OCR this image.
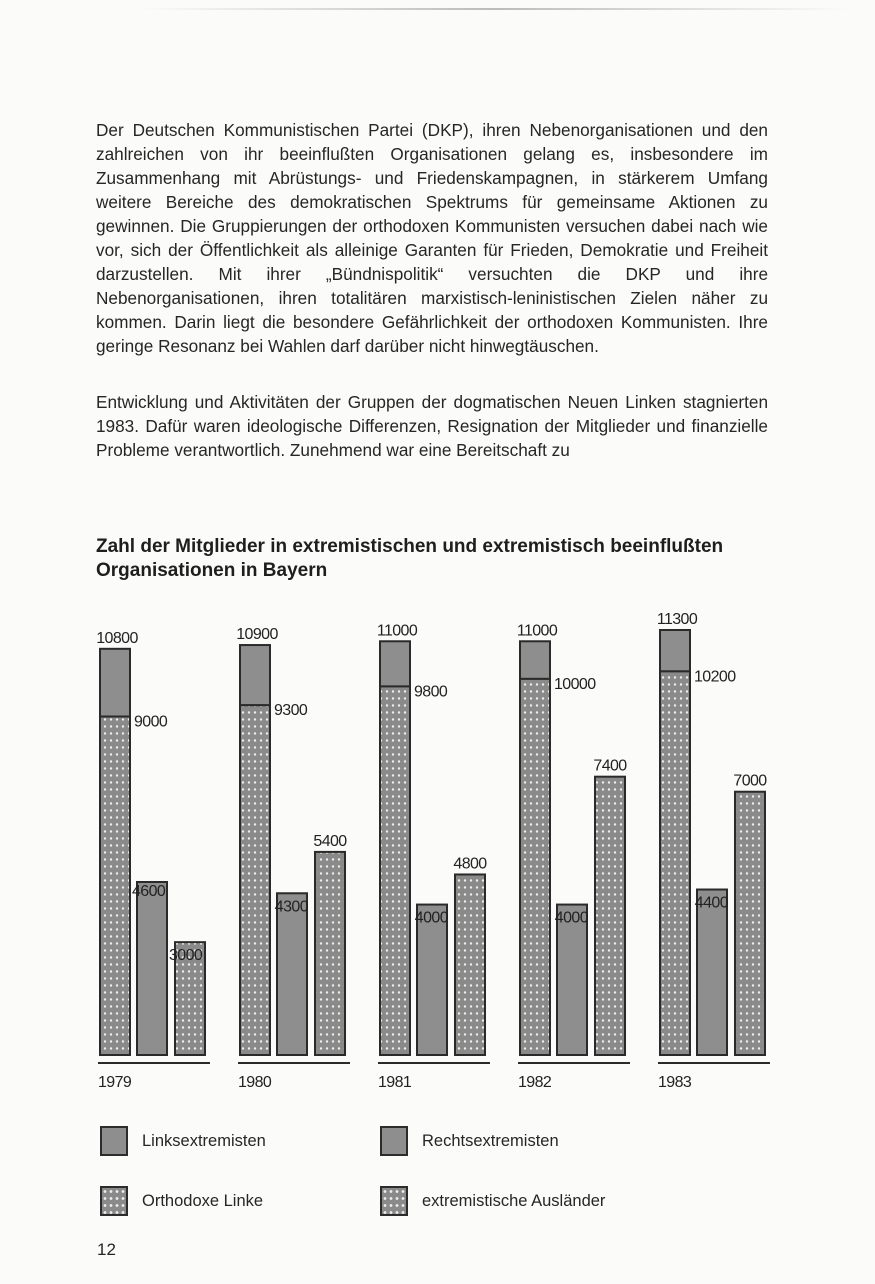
Der Deutschen Kommunistischen Partei (DKP), ihren Nebenorganisationen und den zahlreichen von ihr beeinflußten Organisationen gelang es, insbesondere im Zusammenhang mit Abrüstungs- und Friedenskampagnen, in stärkerem Umfang weitere Bereiche des demokratischen Spektrums für gemeinsame Aktionen zu gewinnen. Die Gruppierungen der orthodoxen Kommunisten versuchen dabei nach wie vor, sich der Öffentlichkeit als alleinige Garanten für Frieden, Demokratie und Freiheit darzustellen. Mit ihrer „Bündnispolitik“ versuchten die DKP und ihre Nebenorganisationen, ihren totalitären marxistisch-leninistischen Zielen näher zu kommen. Darin liegt die besondere Gefährlichkeit der orthodoxen Kommunisten. Ihre geringe Resonanz bei Wahlen darf darüber nicht hinwegtäuschen.

Entwicklung und Aktivitäten der Gruppen der dogmatischen Neuen Linken stagnierten 1983. Dafür waren ideologische Differenzen, Resignation der Mitglieder und finanzielle Probleme verantwortlich. Zunehmend war eine Bereitschaft zu

Zahl der Mitglieder in extremistischen und extremistisch beeinflußten Organisationen in Bayern
10800
9000
4600
3000
1979
10900
9300
4300
5400
1980
11000
9800
4000
4800
1981
11000
10000
4000
7400
1982
11300
10200
4400
7000
1983
Linksextremisten	Rechtsextremisten
Orthodoxe Linke	extremistische Ausländer
12
